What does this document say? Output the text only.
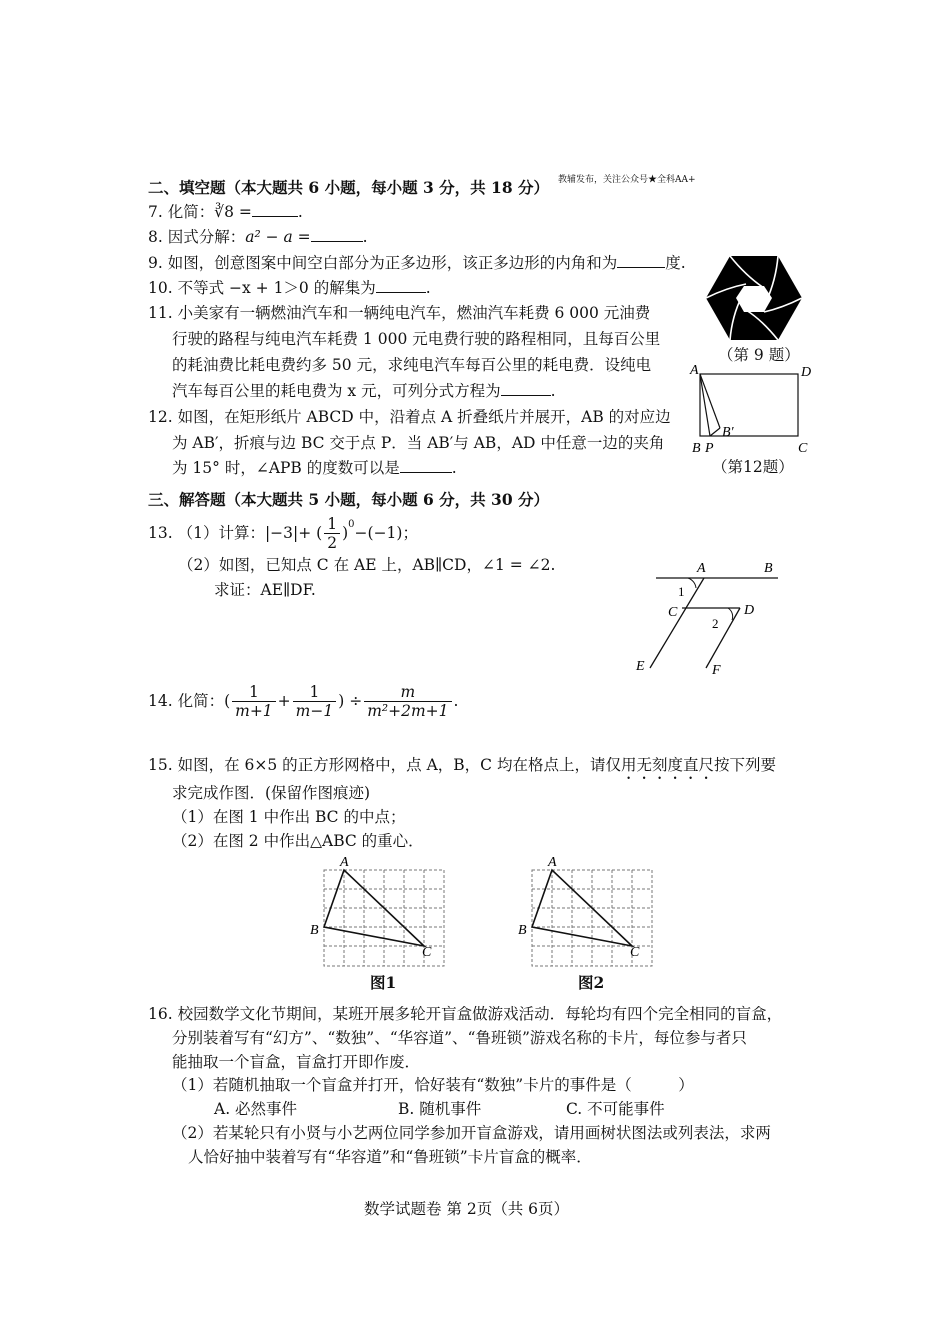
二、填空题（本大题共 6 小题，每小题 3 分，共 18 分） 教辅发布，关注公众号★全科AA+
7. 化简：∛8 =	.
8. 因式分解：a² − a =	.
9. 如图，创意图案中间空白部分为正多边形，该正多边形的内角和为	度.
10. 不等式 −x + 1＞0 的解集为	.
11. 小美家有一辆燃油汽车和一辆纯电汽车，燃油汽车耗费 6 000 元油费
行驶的路程与纯电汽车耗费 1 000 元电费行驶的路程相同，且每百公里
的耗油费比耗电费约多 50 元，求纯电汽车每百公里的耗电费．设纯电
汽车每百公里的耗电费为 x 元，可列分式方程为	.
12. 如图，在矩形纸片 ABCD 中，沿着点 A 折叠纸片并展开，AB 的对应边
为 AB′，折痕与边 BC 交于点 P．当 AB′与 AB，AD 中任意一边的夹角
为 15° 时，∠APB 的度数可以是	.
（第 9 题）
A	D
B P
B′
C
（第12题）
三、解答题（本大题共 5 小题，每小题 6 分，共 30 分）
13. （1）计算： |−3| + ( $\frac{1}{2}$ ) 0 −(−1)；
（2）如图，已知点 C 在 AE 上，AB∥CD，∠1 = ∠2.
求证：AE∥DF.
A	B
C	D
E	F
1
2
14. 化简：( $\frac{1}{m+1} + \frac{1}{m-1}$ ) ÷ $\frac{m}{\text{m²+2m+1}}$ .
15. 如图，在 6×5 的正方形网格中，点 A，B，C 均在格点上，请仅用无刻度直尺按下列要
求完成作图．(保留作图痕迹)
（1）在图 1 中作出 BC 的中点；
（2）在图 2 中作出△ABC 的重心．
A
B
C
图1
A
B
C
图2
16. 校园数学文化节期间，某班开展多轮开盲盒做游戏活动．每轮均有四个完全相同的盲盒，
分别装着写有“幻方”、“数独”、“华容道”、“鲁班锁”游戏名称的卡片，每位参与者只
能抽取一个盲盒，盲盒打开即作废．
（1）若随机抽取一个盲盒并打开，恰好装有“数独”卡片的事件是（　　　）
A. 必然事件	B. 随机事件	C. 不可能事件
（2）若某轮只有小贤与小艺两位同学参加开盲盒游戏，请用画树状图法或列表法，求两
人恰好抽中装着写有“华容道”和“鲁班锁”卡片盲盒的概率．
数学试题卷 第 2页（共 6页）
